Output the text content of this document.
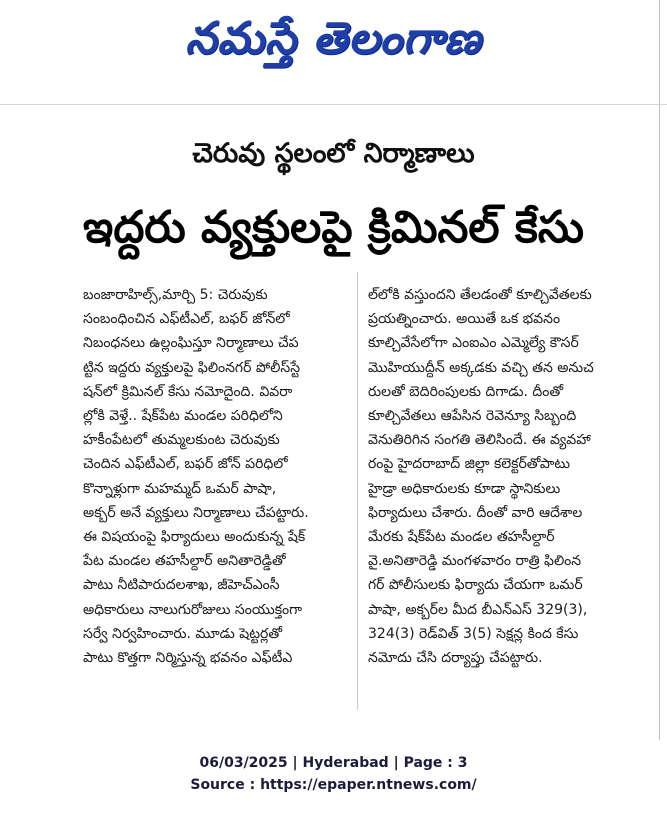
నమస్తే తెలంగాణ
చెరువు స్థలంలో నిర్మాణాలు
ఇద్దరు వ్యక్తులపై క్రిమినల్ కేసు
బంజారాహిల్స్,మార్చి 5: చెరువుకు
సంబంధించిన ఎఫ్‌టీఎల్, బఫర్ జోన్‌లో
నిబంధనలు ఉల్లంఘిస్తూ నిర్మాణాలు చేప
ట్టిన ఇద్దరు వ్యక్తులపై ఫిలింనగర్ పోలీస్‌స్టే
షన్‌లో క్రిమినల్ కేసు నమోదైంది. వివరా
ల్లోకి వెళ్తే.. షేక్‌పేట మండల పరిధిలోని
హకీంపేటలో తుమ్మలకుంట చెరువుకు
చెందిన ఎఫ్‌టీఎల్, బఫర్ జోన్ పరిధిలో
కొన్నాళ్లుగా మహమ్మద్ ఒమర్ పాషా,
అక్బర్ అనే వ్యక్తులు నిర్మాణాలు చేపట్టారు.
ఈ విషయంపై ఫిర్యాదులు అందుకున్న షేక్
పేట మండల తహసీల్దార్ అనితారెడ్డితో
పాటు నీటిపారుదలశాఖ, జీహెచ్‌ఎంసీ
అధికారులు నాలుగురోజులు సంయుక్తంగా
సర్వే నిర్వహించారు. మూడు షెట్టర్లతో
పాటు కొత్తగా నిర్మిస్తున్న భవనం ఎఫ్‌టీఎ
ల్‌లోకి వస్తుందని తేలడంతో కూల్చివేతలకు
ప్రయత్నించారు. అయితే ఒక భవనం
కూల్చివేసేలోగా ఎంఐఎం ఎమ్మెల్యే కౌసర్
మొహియుద్దీన్ అక్కడకు వచ్చి తన అనుచ
రులతో బెదిరింపులకు దిగాడు. దీంతో
కూల్చివేతలు ఆపేసిన రెవెన్యూ సిబ్బంది
వెనుతిరిగిన సంగతి తెలిసిందే. ఈ వ్యవహా
రంపై హైదరాబాద్ జిల్లా కలెక్టర్‌తోపాటు
హైడ్రా అధికారులకు కూడా స్థానికులు
ఫిర్యాదులు చేశారు. దీంతో వారి ఆదేశాల
మేరకు షేక్‌పేట మండల తహసీల్దార్
వై.అనితారెడ్డి మంగళవారం రాత్రి ఫిలింన
గర్ పోలీసులకు ఫిర్యాదు చేయగా ఒమర్
పాషా, అక్బర్‌ల మీద బీఎన్‌ఎస్ 329(3),
324(3) రెడ్‌విత్ 3(5) సెక్షన్ల కింద కేసు
నమోదు చేసి దర్యాప్తు చేపట్టారు.
06/03/2025 | Hyderabad | Page : 3
Source : https://epaper.ntnews.com/
